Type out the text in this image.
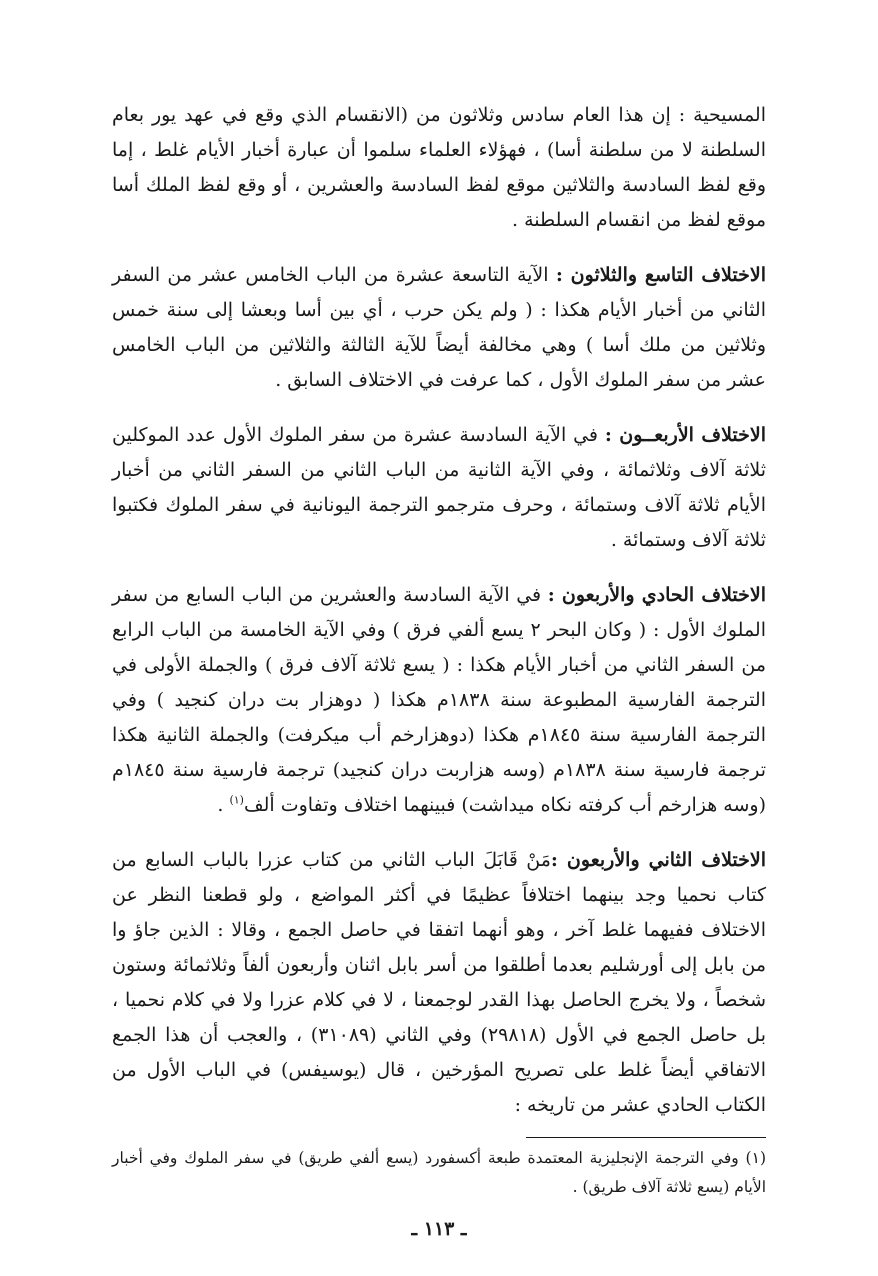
المسيحية : إن هذا العام سادس وثلاثون من (الانقسام الذي وقع في عهد يور بعام السلطنة لا من سلطنة أسا) ، فهؤلاء العلماء سلموا أن عبارة أخبار الأيام غلط ، إما وقع لفظ السادسة والثلاثين موقع لفظ السادسة والعشرين ، أو وقع لفظ الملك أسا موقع لفظ من انقسام السلطنة .

الاختلاف التاسع والثلاثون : الآية التاسعة عشرة من الباب الخامس عشر من السفر الثاني من أخبار الأيام هكذا : ( ولم يكن حرب ، أي بين أسا وبعشا إلى سنة خمس وثلاثين من ملك أسا ) وهي مخالفة أيضاً للآية الثالثة والثلاثين من الباب الخامس عشر من سفر الملوك الأول ، كما عرفت في الاختلاف السابق .

الاختلاف الأربعــون : في الآية السادسة عشرة من سفر الملوك الأول عدد الموكلين ثلاثة آلاف وثلاثمائة ، وفي الآية الثانية من الباب الثاني من السفر الثاني من أخبار الأيام ثلاثة آلاف وستمائة ، وحرف مترجمو الترجمة اليونانية في سفر الملوك فكتبوا ثلاثة آلاف وستمائة .

الاختلاف الحادي والأربعون : في الآية السادسة والعشرين من الباب السابع من سفر الملوك الأول : ( وكان البحر ٢ يسع ألفي فرق ) وفي الآية الخامسة من الباب الرابع من السفر الثاني من أخبار الأيام هكذا : ( يسع ثلاثة آلاف فرق ) والجملة الأولى في الترجمة الفارسية المطبوعة سنة ١٨٣٨م هكذا ( دوهزار بت دران كنجيد ) وفي الترجمة الفارسية سنة ١٨٤٥م هكذا (دوهزارخم أب ميكرفت) والجملة الثانية هكذا ترجمة فارسية سنة ١٨٣٨م (وسه هزاربت دران كنجيد) ترجمة فارسية سنة ١٨٤٥م (وسه هزارخم أب كرفته نكاه ميداشت) فبينهما اختلاف وتفاوت ألف$^{(١)}$ .

الاختلاف الثاني والأربعون :مَنْ قَابَلَ الباب الثاني من كتاب عزرا بالباب السابع من كتاب نحميا وجد بينهما اختلافاً عظيمًا في أكثر المواضع ، ولو قطعنا النظر عن الاختلاف ففيهما غلط آخر ، وهو أنهما اتفقا في حاصل الجمع ، وقالا : الذين جاؤ وا من بابل إلى أورشليم بعدما أطلقوا من أسر بابل اثنان وأربعون ألفاً وثلاثمائة وستون شخصاً ، ولا يخرج الحاصل بهذا القدر لوجمعنا ، لا في كلام عزرا ولا في كلام نحميا ، بل حاصل الجمع في الأول (٢٩٨١٨) وفي الثاني (٣١٠٨٩) ، والعجب أن هذا الجمع الاتفاقي أيضاً غلط على تصريح المؤرخين ، قال (يوسيفس) في الباب الأول من الكتاب الحادي عشر من تاريخه :

(١) وفي الترجمة الإنجليزية المعتمدة طبعة أكسفورد (يسع ألفي طريق) في سفر الملوك وفي أخبار الأيام (يسع ثلاثة آلاف طريق) .
ـ ١١٣ ـ
